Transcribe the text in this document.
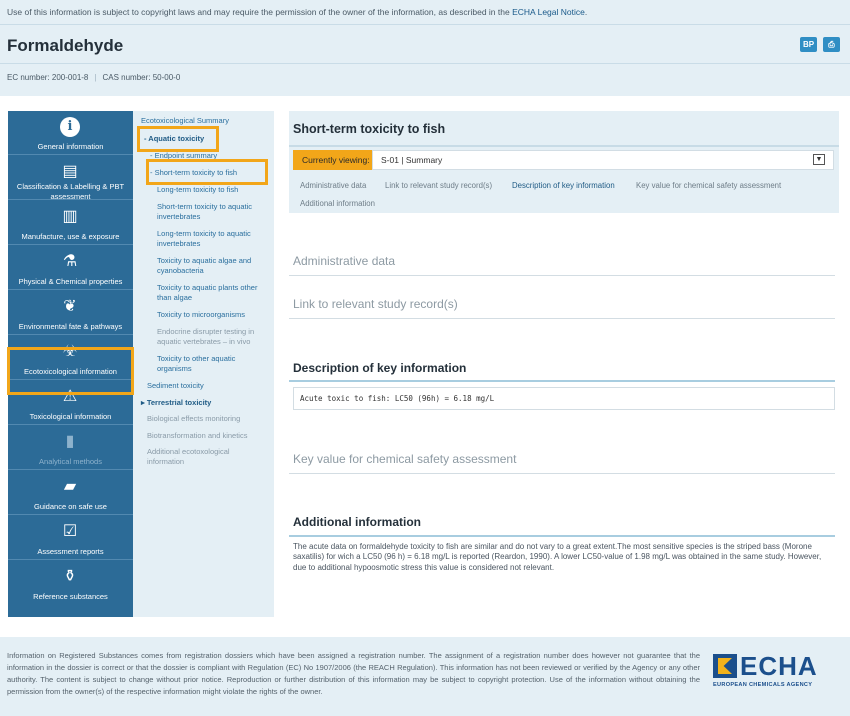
Use of this information is subject to copyright laws and may require the permission of the owner of the information, as described in the ECHA Legal Notice.
Formaldehyde	BP	⎙
EC number: 200-001-8 | CAS number: 50-00-0
i
General information
▤
Classification & Labelling & PBT assessment
▥
Manufacture, use & exposure
⚗
Physical & Chemical properties
❦
Environmental fate & pathways
☣
Ecotoxicological information
⚠
Toxicological information
▮
Analytical methods
▰
Guidance on safe use
☑
Assessment reports
⚱
Reference substances
Ecotoxicological Summary
- Aquatic toxicity
- Endpoint summary
- Short-term toxicity to fish
Long-term toxicity to fish
Short-term toxicity to aquatic invertebrates
Long-term toxicity to aquatic invertebrates
Toxicity to aquatic algae and cyanobacteria
Toxicity to aquatic plants other than algae
Toxicity to microorganisms
Endocrine disrupter testing in aquatic vertebrates – in vivo
Toxicity to other aquatic organisms
Sediment toxicity
▸ Terrestrial toxicity
Biological effects monitoring
Biotransformation and kinetics
Additional ecotoxological information
Short-term toxicity to fish
Currently viewing:	S-01 | Summary	▼
Administrative data Link to relevant study record(s)	Description of key information	Key value for chemical safety assessment
Additional information
Administrative data
Link to relevant study record(s)
Description of key information
Acute toxic to fish: LC50 (96h) = 6.18 mg/L
Key value for chemical safety assessment
Additional information
The acute data on formaldehyde toxicity to fish are similar and do not vary to a great extent.The most sensitive species is the striped bass (Morone saxatilis) for wich a LC50 (96 h) = 6.18 mg/L is reported (Reardon, 1990). A lower LC50-value of 1.98 mg/L was obtained in the same study. However, due to additional hypoosmotic stress this value is considered not relevant.
Information on Registered Substances comes from registration dossiers which have been assigned a registration number. The assignment of a registration number does however not guarantee that the information in the dossier is correct or that the dossier is compliant with Regulation (EC) No 1907/2006 (the REACH Regulation). This information has not been reviewed or verified by the Agency or any other authority. The content is subject to change without prior notice. Reproduction or further distribution of this information may be subject to copyright protection. Use of the information without obtaining the permission from the owner(s) of the respective information might violate the rights of the owner.
ECHA
EUROPEAN CHEMICALS AGENCY
